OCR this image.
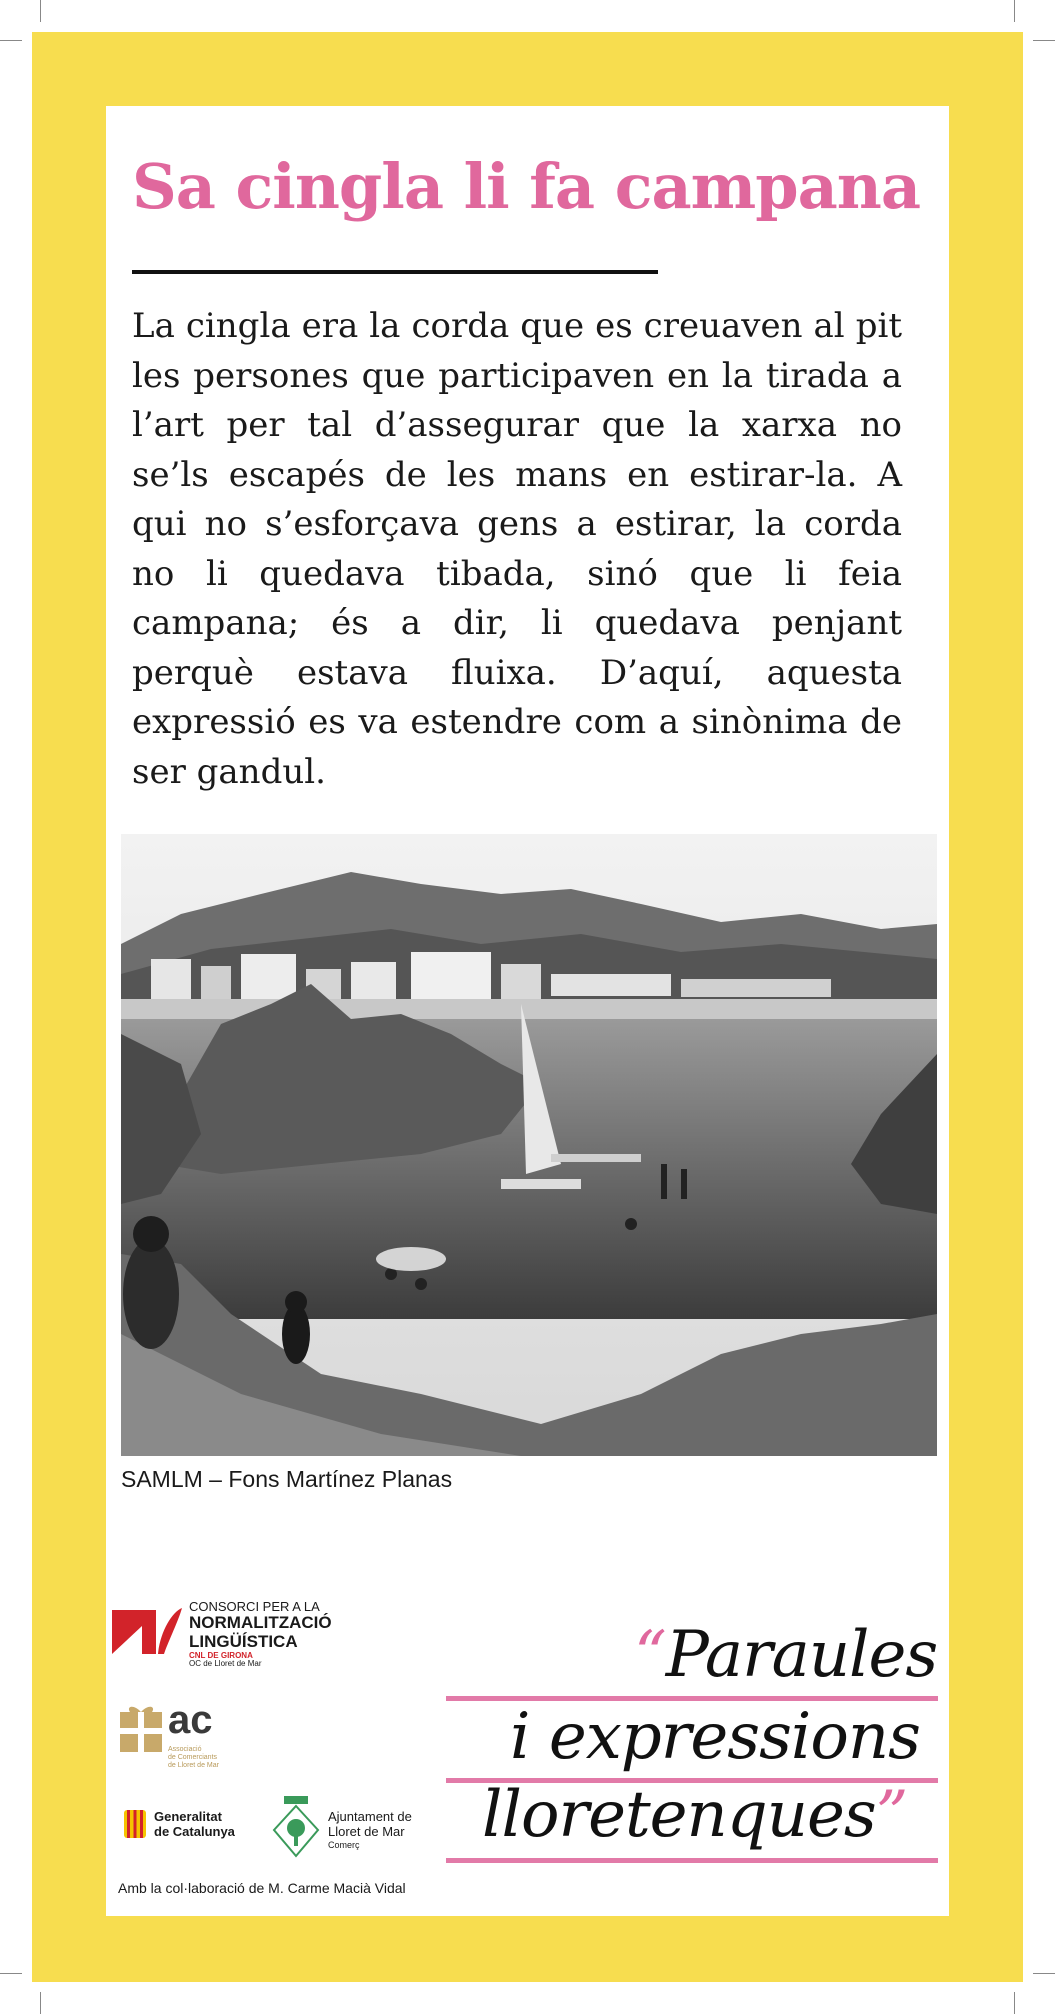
Sa cingla li fa campana

La cingla era la corda que es creuaven al pit les persones que participaven en la tirada a l’art per tal d’assegurar que la xarxa no se’ls escapés de les mans en estirar-la. A qui no s’esforçava gens a estirar, la corda no li quedava tibada, sinó que li feia campana; és a dir, li quedava penjant perquè estava fluixa. D’aquí, aquesta expressió es va estendre com a sinònima de ser gandul.

SAMLM – Fons Martínez Planas
CONSORCI PER A LA
NORMALITZACIÓ
LINGÜÍSTICA
CNL DE GIRONA
OC de Lloret de Mar
ac
Associació
de Comerciants
de Lloret de Mar
Generalitat
de Catalunya
Ajuntament de
Lloret de Mar
Comerç
Amb la col·laboració de M. Carme Macià Vidal
“Paraules
i expressions
lloretenques”
